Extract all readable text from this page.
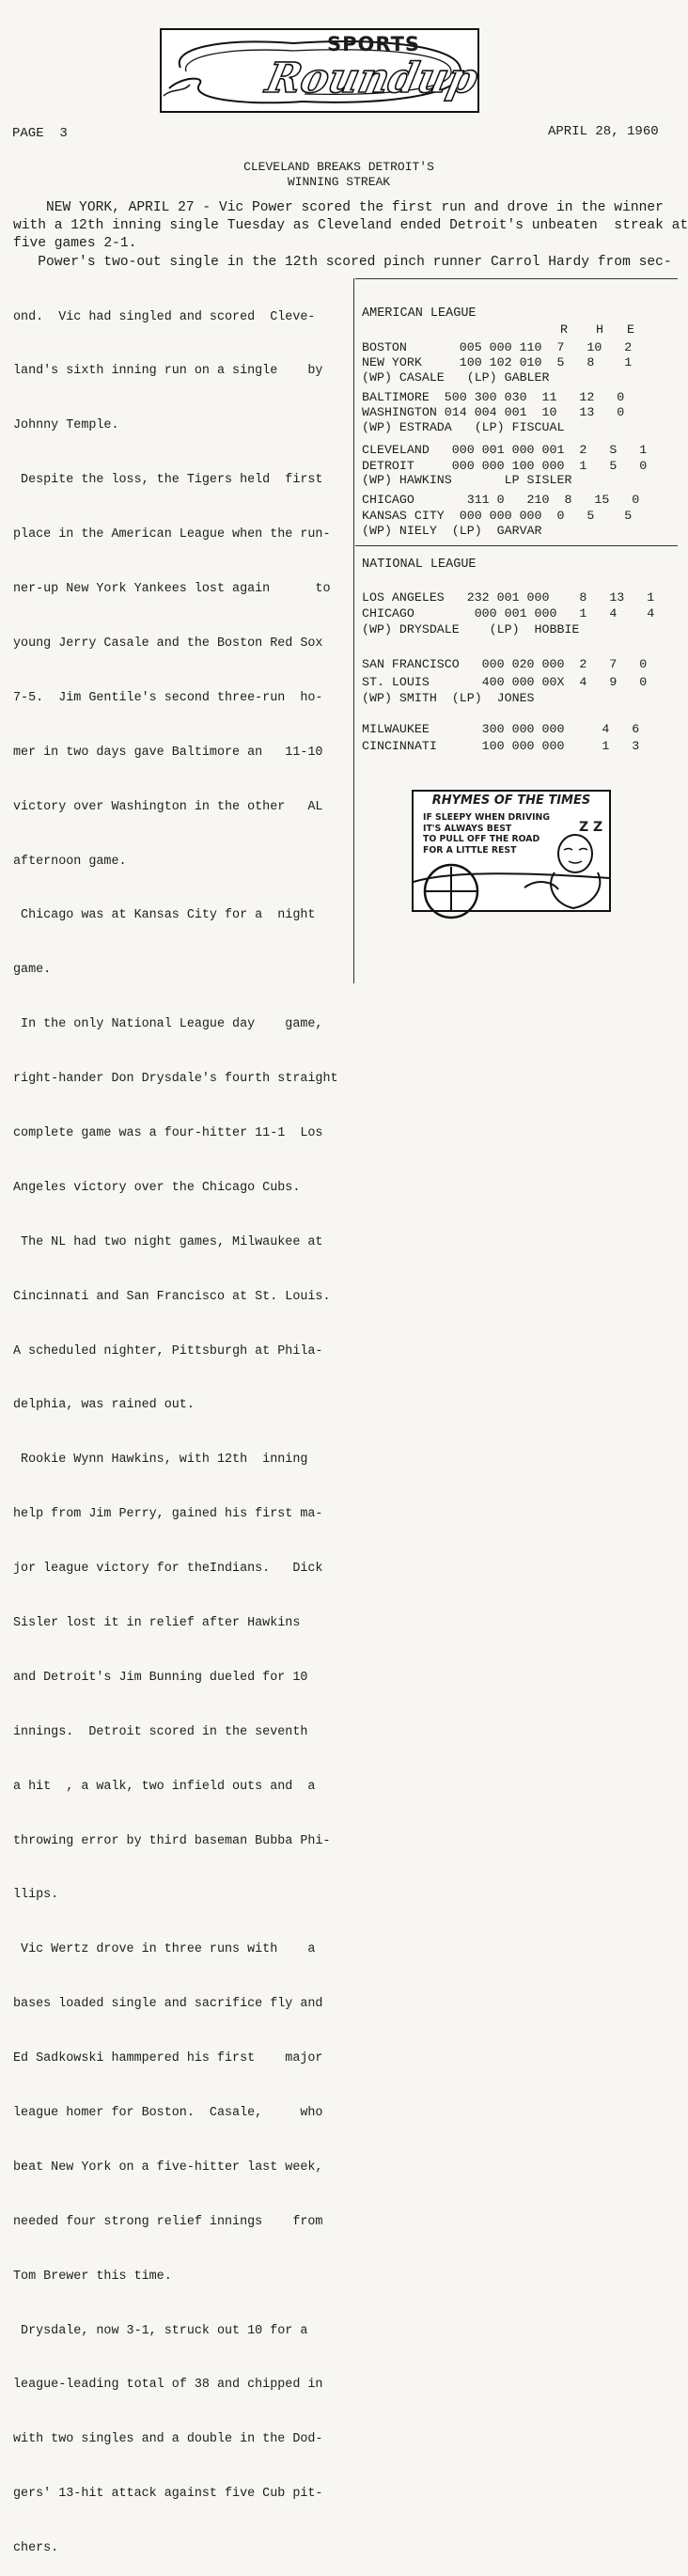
SPORTS
Roundup
PAGE  3	APRIL 28, 1960
CLEVELAND BREAKS DETROIT'S
WINNING STREAK
NEW YORK, APRIL 27 - Vic Power scored the first run and drove in the winner
with a 12th inning single Tuesday as Cleveland ended Detroit's unbeaten  streak at
five games 2-1.
Power's two-out single in the 12th scored pinch runner Carrol Hardy from sec-

ond.  Vic had singled and scored  Cleve-

land's sixth inning run on a single    by

Johnny Temple.

Despite the loss, the Tigers held  first

place in the American League when the run-

ner-up New York Yankees lost again      to

young Jerry Casale and the Boston Red Sox

7-5.  Jim Gentile's second three-run  ho-

mer in two days gave Baltimore an   11-10

victory over Washington in the other   AL

afternoon game.

Chicago was at Kansas City for a  night

game.

In the only National League day    game,

right-hander Don Drysdale's fourth straight

complete game was a four-hitter 11-1  Los

Angeles victory over the Chicago Cubs.

The NL had two night games, Milwaukee at

Cincinnati and San Francisco at St. Louis.

A scheduled nighter, Pittsburgh at Phila-

delphia, was rained out.

Rookie Wynn Hawkins, with 12th  inning

help from Jim Perry, gained his first ma-

jor league victory for theIndians.   Dick

Sisler lost it in relief after Hawkins

and Detroit's Jim Bunning dueled for 10

innings.  Detroit scored in the seventh

a hit  , a walk, two infield outs and  a

throwing error by third baseman Bubba Phi-

llips.

Vic Wertz drove in three runs with    a

bases loaded single and sacrifice fly and

Ed Sadkowski hammpered his first    major

league homer for Boston.  Casale,     who

beat New York on a five-hitter last week,

needed four strong relief innings    from

Tom Brewer this time.

Drysdale, now 3-1, struck out 10 for a

league-leading total of 38 and chipped in

with two singles and a double in the Dod-

gers' 13-hit attack against five Cub pit-

chers.

AMERICAN LEAGUE
R H E
BOSTON       005 000 110  7   10   2
NEW YORK     100 102 010  5   8    1
(WP) CASALE   (LP) GABLER
BALTIMORE  500 300 030  11   12   0
WASHINGTON 014 004 001  10   13   0
(WP) ESTRADA   (LP) FISCUAL
CLEVELAND   000 001 000 001  2   S   1
DETROIT     000 000 100 000  1   5   0
(WP) HAWKINS       LP SISLER
CHICAGO       311 0   210  8   15   0
KANSAS CITY  000 000 000  0   5    5
(WP) NIELY  (LP)  GARVAR
NATIONAL LEAGUE
LOS ANGELES   232 001 000    8   13   1
CHICAGO        000 001 000   1   4    4
(WP) DRYSDALE    (LP)  HOBBIE
SAN FRANCISCO   000 020 000  2   7   0
ST. LOUIS       400 000 00X  4   9   0
(WP) SMITH  (LP)  JONES
MILWAUKEE       300 000 000     4   6
CINCINNATI      100 000 000     1   3
RHYMES OF THE TIMES
IF SLEEPY WHEN DRIVING
IT'S ALWAYS BEST
TO PULL OFF THE ROAD
FOR A LITTLE REST
Z Z
